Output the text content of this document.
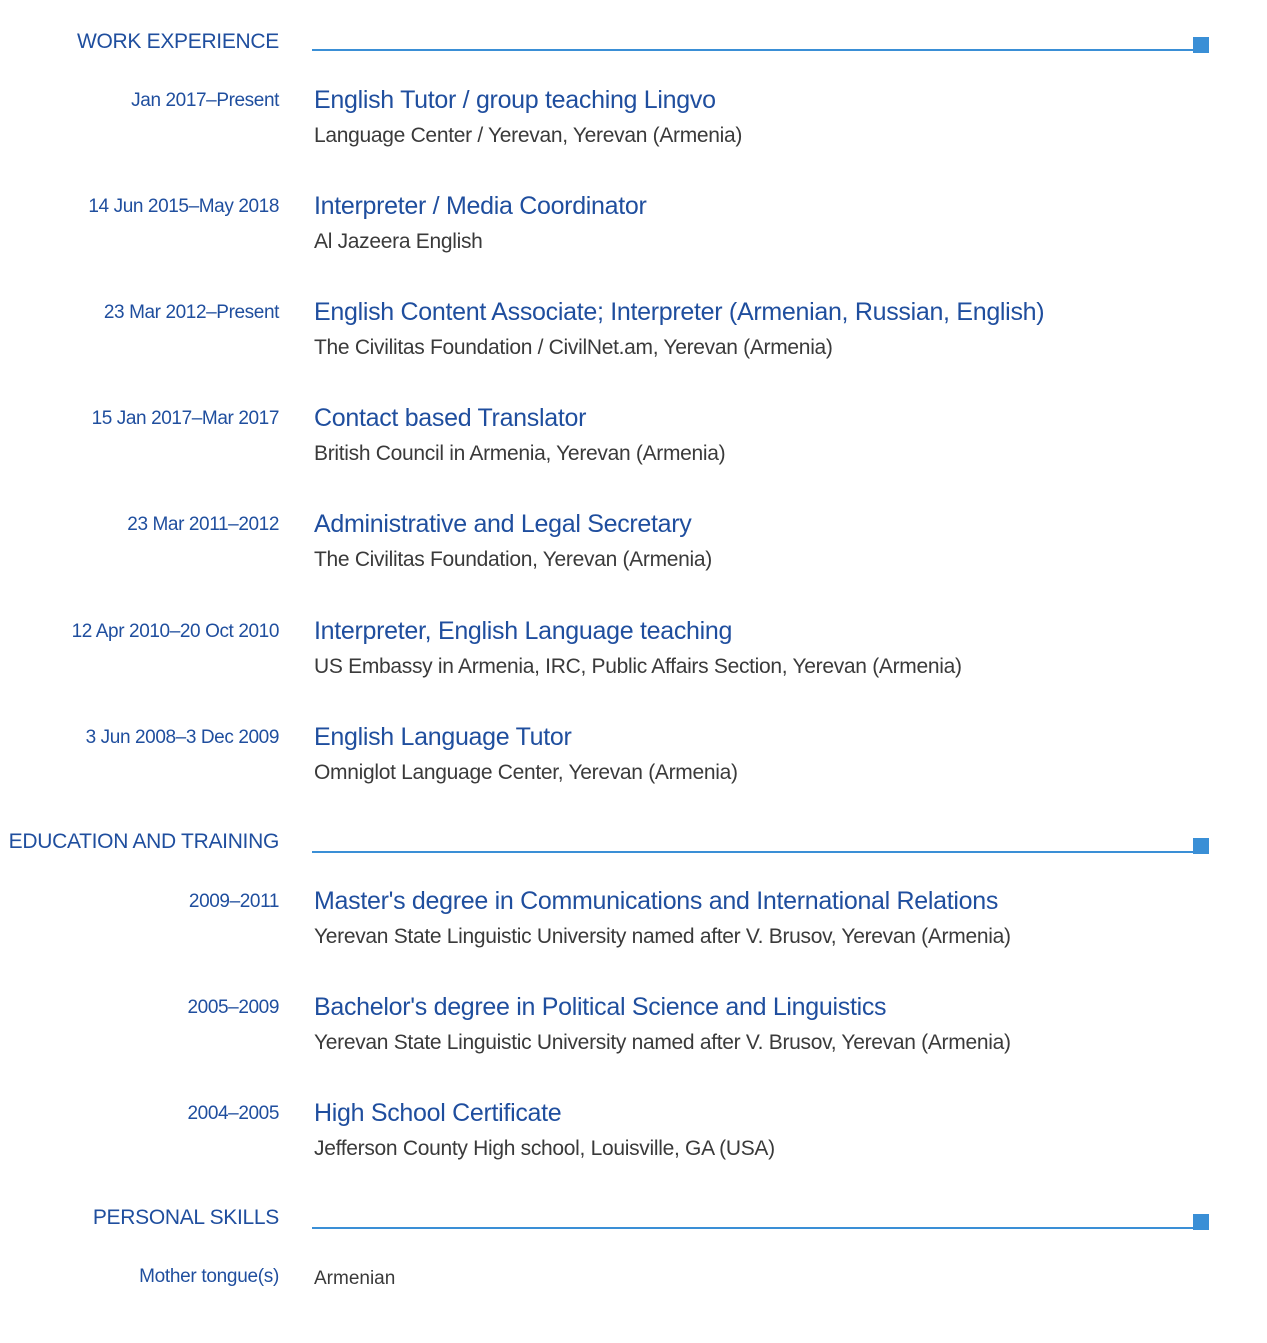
WORK EXPERIENCE
Jan 2017–Present English Tutor / group teaching Lingvo
Language Center / Yerevan, Yerevan (Armenia)
14 Jun 2015–May 2018 Interpreter / Media Coordinator
Al Jazeera English
23 Mar 2012–Present English Content Associate; Interpreter (Armenian, Russian, English)
The Civilitas Foundation / CivilNet.am, Yerevan (Armenia)
15 Jan 2017–Mar 2017 Contact based Translator
British Council in Armenia, Yerevan (Armenia)
23 Mar 2011–2012 Administrative and Legal Secretary
The Civilitas Foundation, Yerevan (Armenia)
12 Apr 2010–20 Oct 2010 Interpreter, English Language teaching
US Embassy in Armenia, IRC, Public Affairs Section, Yerevan (Armenia)
3 Jun 2008–3 Dec 2009 English Language Tutor
Omniglot Language Center, Yerevan (Armenia)
EDUCATION AND TRAINING
2009–2011 Master's degree in Communications and International Relations
Yerevan State Linguistic University named after V. Brusov, Yerevan (Armenia)
2005–2009 Bachelor's degree in Political Science and Linguistics
Yerevan State Linguistic University named after V. Brusov, Yerevan (Armenia)
2004–2005 High School Certificate
Jefferson County High school, Louisville, GA (USA)
PERSONAL SKILLS
Mother tongue(s) Armenian
